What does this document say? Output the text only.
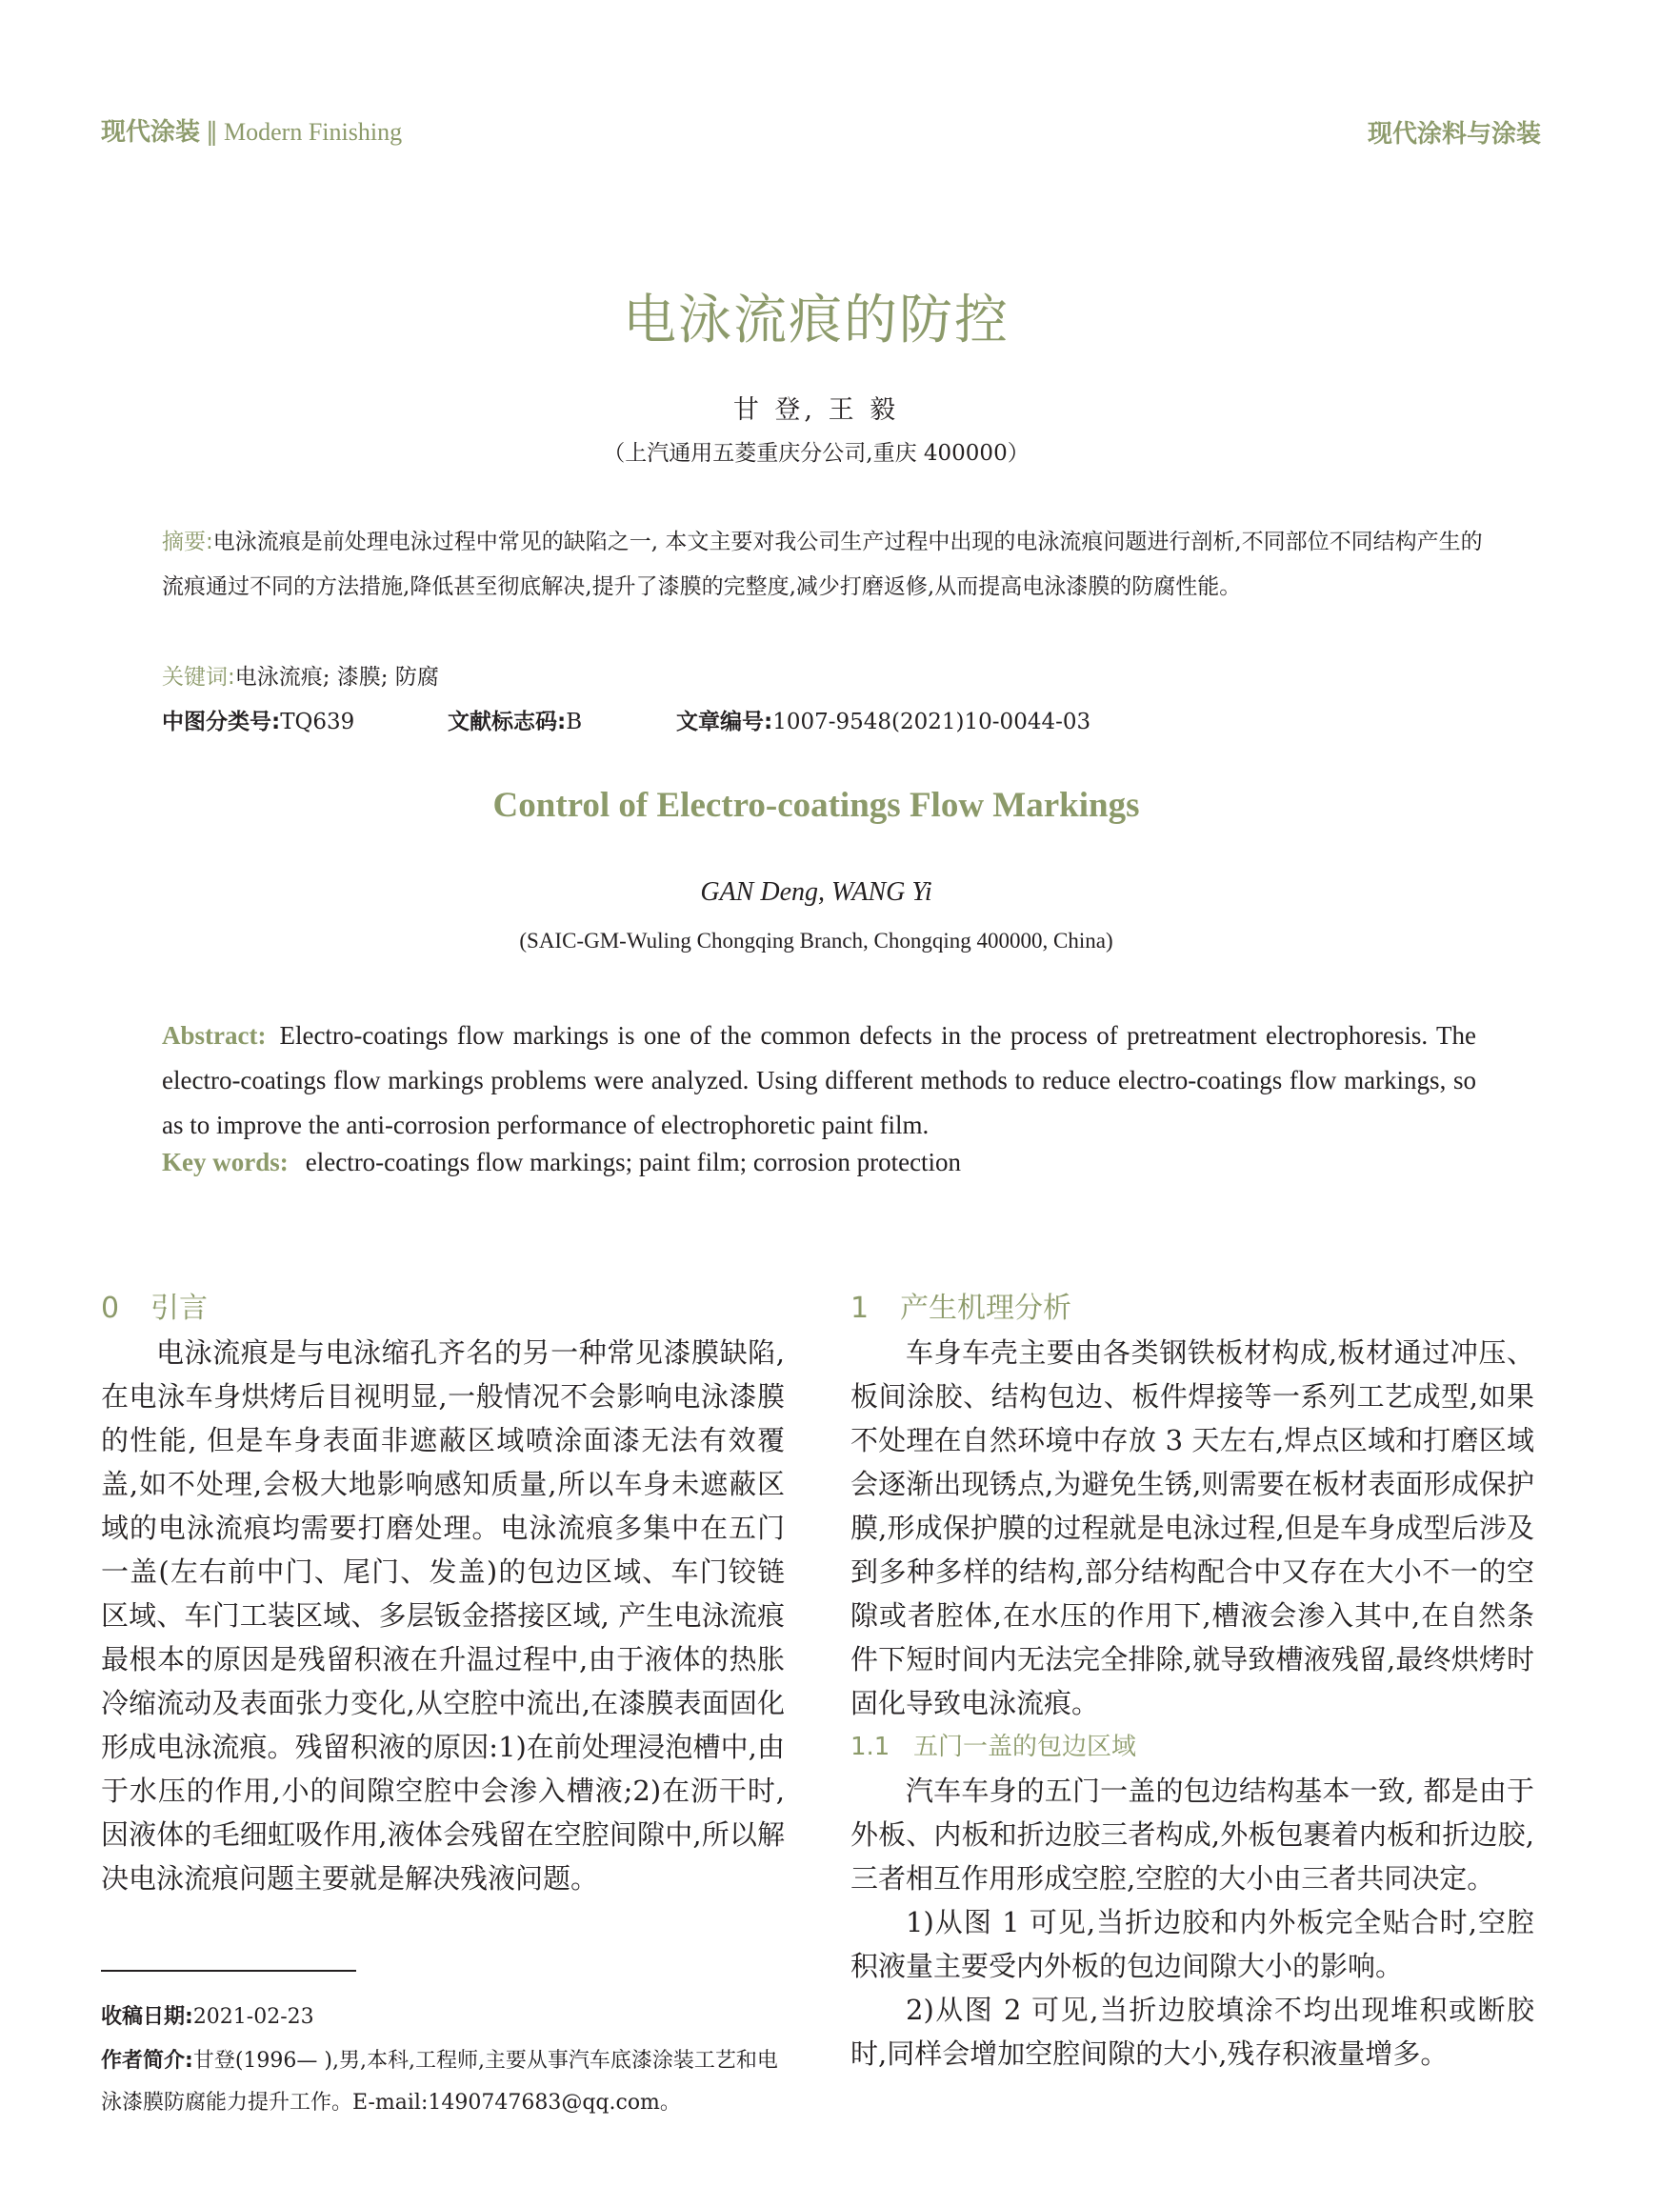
现代涂装 ‖ Modern Finishing	现代涂料与涂装
电泳流痕的防控
甘 登, 王 毅
（上汽通用五菱重庆分公司,重庆 400000）
摘要:电泳流痕是前处理电泳过程中常见的缺陷之一, 本文主要对我公司生产过程中出现的电泳流痕问题进行剖析,不同部位不同结构产生的流痕通过不同的方法措施,降低甚至彻底解决,提升了漆膜的完整度,减少打磨返修,从而提高电泳漆膜的防腐性能。
关键词:电泳流痕; 漆膜; 防腐
中图分类号:TQ639	文献标志码:B	文章编号:1007-9548(2021)10-0044-03
Control of Electro-coatings Flow Markings
GAN Deng, WANG Yi
(SAIC-GM-Wuling Chongqing Branch, Chongqing 400000, China)
Abstract: Electro-coatings flow markings is one of the common defects in the process of pretreatment electrophoresis. The electro-coatings flow markings problems were analyzed. Using different methods to reduce electro-coatings flow markings, so as to improve the anti-corrosion performance of electrophoretic paint film.
Key words: electro-coatings flow markings; paint film; corrosion protection
0 引言

电泳流痕是与电泳缩孔齐名的另一种常见漆膜缺陷,在电泳车身烘烤后目视明显,一般情况不会影响电泳漆膜的性能, 但是车身表面非遮蔽区域喷涂面漆无法有效覆盖,如不处理,会极大地影响感知质量,所以车身未遮蔽区域的电泳流痕均需要打磨处理。电泳流痕多集中在五门一盖(左右前中门、尾门、发盖)的包边区域、车门铰链区域、车门工装区域、多层钣金搭接区域, 产生电泳流痕最根本的原因是残留积液在升温过程中,由于液体的热胀冷缩流动及表面张力变化,从空腔中流出,在漆膜表面固化形成电泳流痕。残留积液的原因:1)在前处理浸泡槽中,由于水压的作用,小的间隙空腔中会渗入槽液;2)在沥干时,因液体的毛细虹吸作用,液体会残留在空腔间隙中,所以解决电泳流痕问题主要就是解决残液问题。

1 产生机理分析

车身车壳主要由各类钢铁板材构成,板材通过冲压、板间涂胶、结构包边、板件焊接等一系列工艺成型,如果不处理在自然环境中存放 3 天左右,焊点区域和打磨区域会逐渐出现锈点,为避免生锈,则需要在板材表面形成保护膜,形成保护膜的过程就是电泳过程,但是车身成型后涉及到多种多样的结构,部分结构配合中又存在大小不一的空隙或者腔体,在水压的作用下,槽液会渗入其中,在自然条件下短时间内无法完全排除,就导致槽液残留,最终烘烤时固化导致电泳流痕。

1.1 五门一盖的包边区域

汽车车身的五门一盖的包边结构基本一致, 都是由于外板、内板和折边胶三者构成,外板包裹着内板和折边胶,三者相互作用形成空腔,空腔的大小由三者共同决定。

1)从图 1 可见,当折边胶和内外板完全贴合时,空腔积液量主要受内外板的包边间隙大小的影响。

2)从图 2 可见,当折边胶填涂不均出现堆积或断胶时,同样会增加空腔间隙的大小,残存积液量增多。

收稿日期:2021-02-23
作者简介:甘登(1996— ),男,本科,工程师,主要从事汽车底漆涂装工艺和电泳漆膜防腐能力提升工作。E-mail:1490747683@qq.com。
